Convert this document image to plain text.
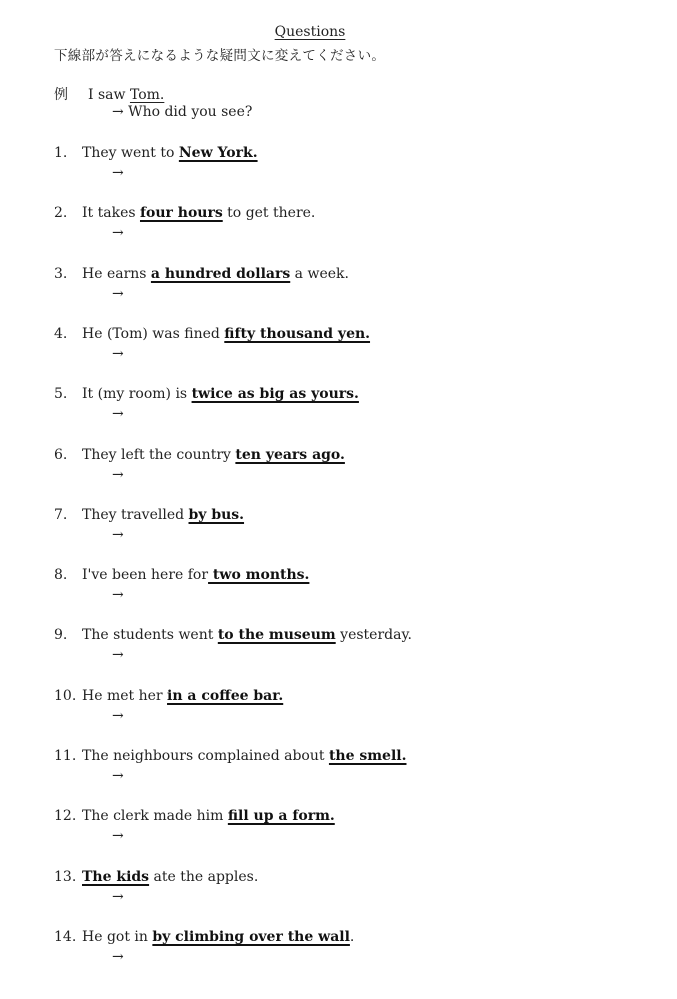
Questions
下線部が答えになるような疑問文に変えてください。
例 I saw Tom.
→ Who did you see?
1. They went to New York.
→
2. It takes four hours to get there.
→
3. He earns a hundred dollars a week.
→
4. He (Tom) was fined fifty thousand yen.
→
5. It (my room) is twice as big as yours.
→
6. They left the country ten years ago.
→
7. They travelled by bus.
→
8. I've been here for two months.
→
9. The students went to the museum yesterday.
→
10. He met her in a coffee bar.
→
11. The neighbours complained about the smell.
→
12. The clerk made him fill up a form.
→
13. The kids ate the apples.
→
14. He got in by climbing over the wall.
→
